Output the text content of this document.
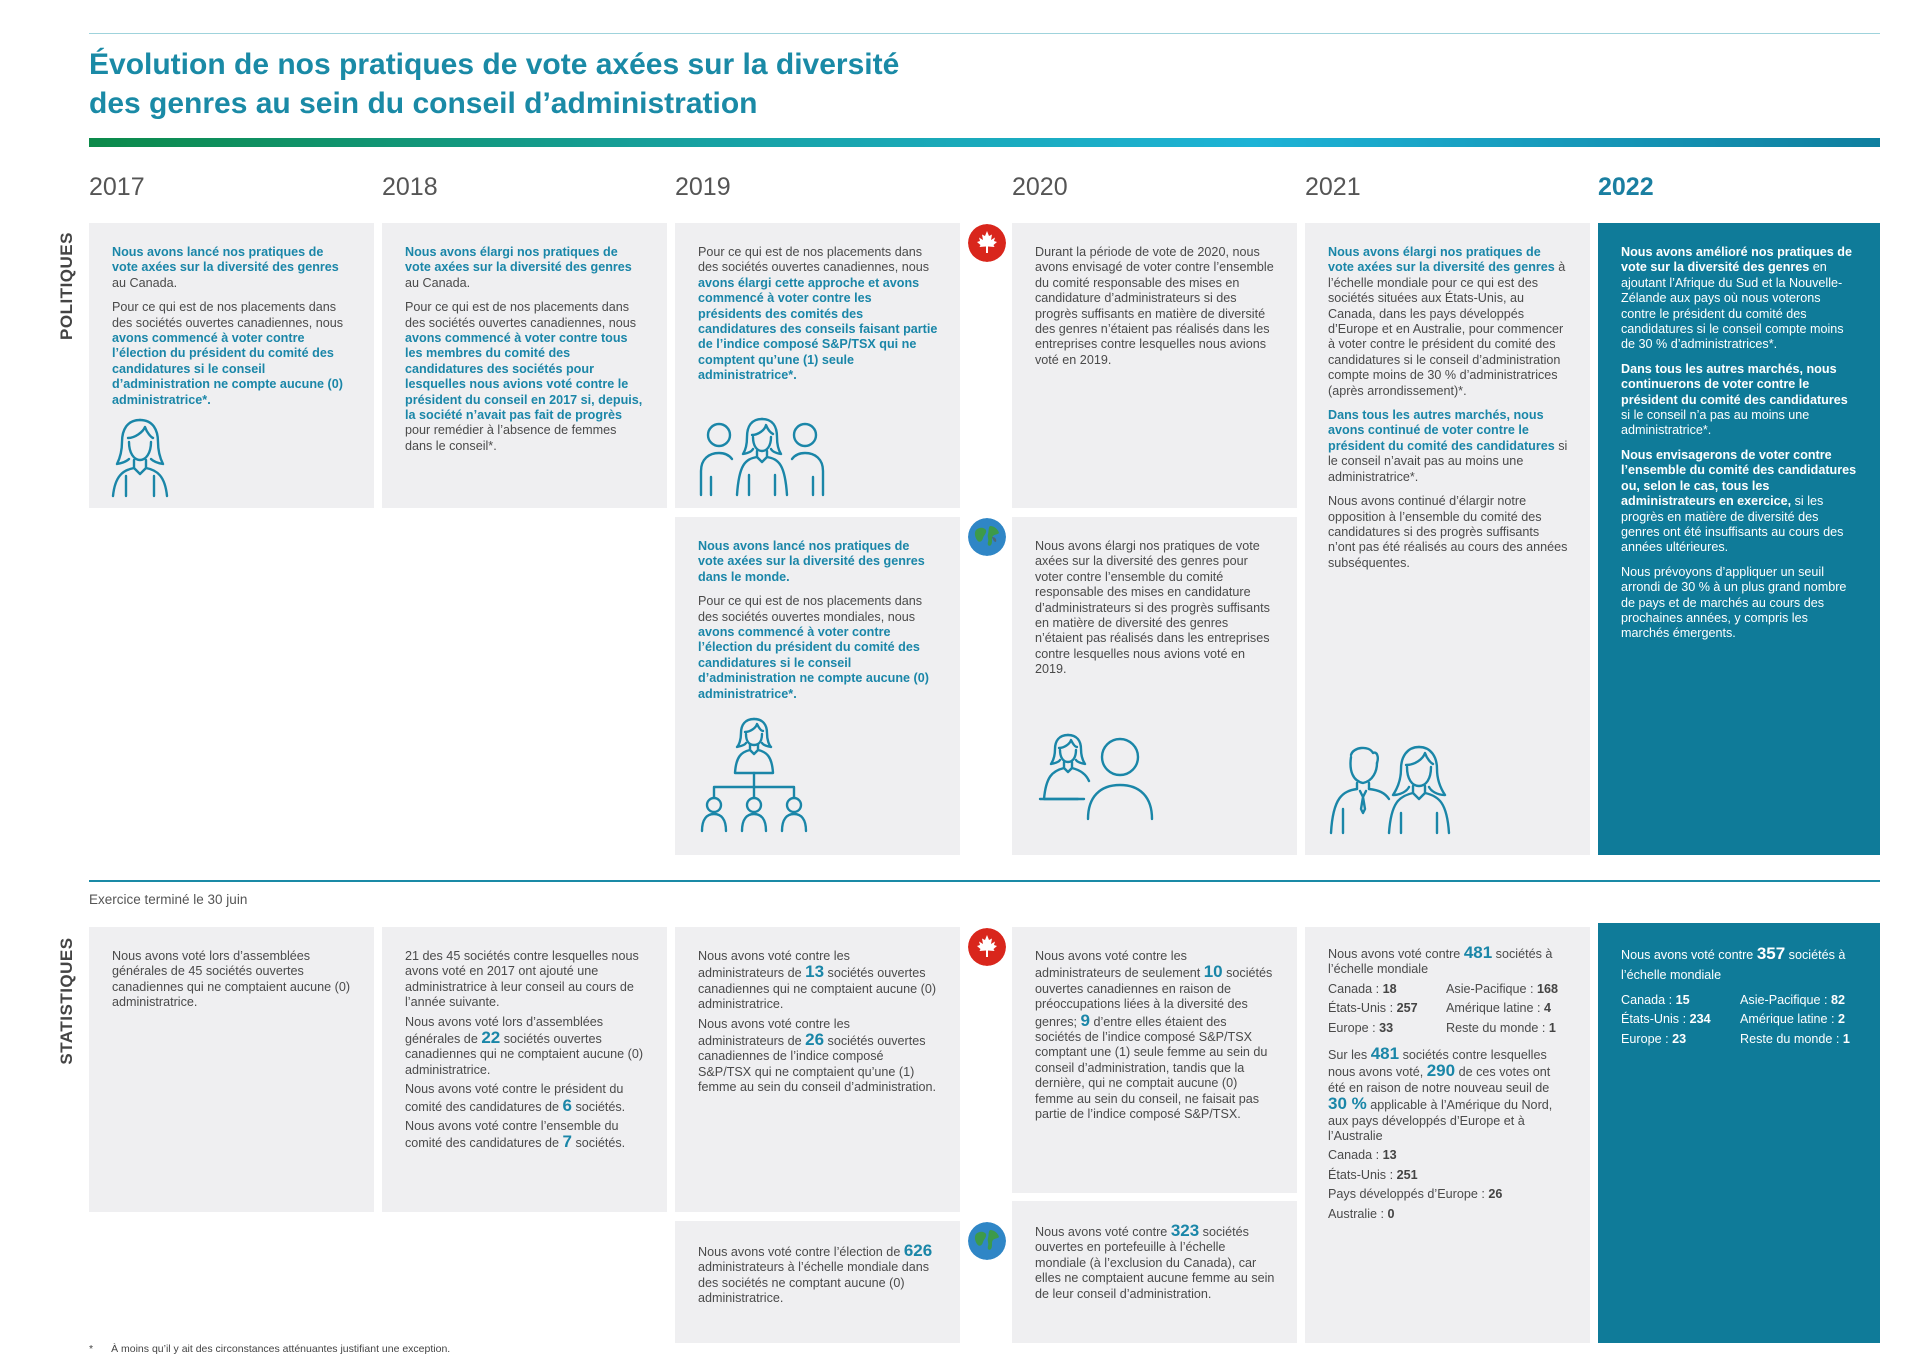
Évolution de nos pratiques de vote axées sur la diversité
des genres au sein du conseil d’administration
2017	2018	2019	2020	2021	2022
POLITIQUES
STATISTIQUES

Nous avons lancé nos pratiques de vote axées sur la diversité des genres au Canada.

Pour ce qui est de nos placements dans des sociétés ouvertes canadiennes, nous avons commencé à voter contre l’élection du président du comité des candidatures si le conseil d’administration ne compte aucune (0) administratrice*.

Nous avons élargi nos pratiques de vote axées sur la diversité des genres au Canada.

Pour ce qui est de nos placements dans des sociétés ouvertes canadiennes, nous avons commencé à voter contre tous les membres du comité des candidatures des sociétés pour lesquelles nous avions voté contre le président du conseil en 2017 si, depuis, la société n’avait pas fait de progrès pour remédier à l’absence de femmes dans le conseil*.

Pour ce qui est de nos placements dans des sociétés ouvertes canadiennes, nous avons élargi cette approche et avons commencé à voter contre les présidents des comités des candidatures des conseils faisant partie de l’indice composé S&P/TSX qui ne comptent qu’une (1) seule administratrice*.

Nous avons lancé nos pratiques de vote axées sur la diversité des genres dans le monde.

Pour ce qui est de nos placements dans des sociétés ouvertes mondiales, nous avons commencé à voter contre l’élection du président du comité des candidatures si le conseil d’administration ne compte aucune (0) administratrice*.

Durant la période de vote de 2020, nous avons envisagé de voter contre l’ensemble du comité responsable des mises en candidature d’administrateurs si des progrès suffisants en matière de diversité des genres n’étaient pas réalisés dans les entreprises contre lesquelles nous avions voté en 2019.

Nous avons élargi nos pratiques de vote axées sur la diversité des genres pour voter contre l’ensemble du comité responsable des mises en candidature d’administrateurs si des progrès suffisants en matière de diversité des genres n’étaient pas réalisés dans les entreprises contre lesquelles nous avions voté en 2019.

Nous avons élargi nos pratiques de vote axées sur la diversité des genres à l’échelle mondiale pour ce qui est des sociétés situées aux États-Unis, au Canada, dans les pays développés d’Europe et en Australie, pour commencer à voter contre le président du comité des candidatures si le conseil d’administration compte moins de 30 % d’administratrices (après arrondissement)*.

Dans tous les autres marchés, nous avons continué de voter contre le président du comité des candidatures si le conseil n’avait pas au moins une administratrice*.

Nous avons continué d’élargir notre opposition à l’ensemble du comité des candidatures si des progrès suffisants n’ont pas été réalisés au cours des années subséquentes.

Nous avons amélioré nos pratiques de vote sur la diversité des genres en ajoutant l’Afrique du Sud et la Nouvelle-Zélande aux pays où nous voterons contre le président du comité des candidatures si le conseil compte moins de 30 % d’administratrices*.

Dans tous les autres marchés, nous continuerons de voter contre le président du comité des candidatures si le conseil n’a pas au moins une administratrice*.

Nous envisagerons de voter contre l’ensemble du comité des candidatures ou, selon le cas, tous les administrateurs en exercice, si les progrès en matière de diversité des genres ont été insuffisants au cours des années ultérieures.

Nous prévoyons d’appliquer un seuil arrondi de 30 % à un plus grand nombre de pays et de marchés au cours des prochaines années, y compris les marchés émergents.

Exercice terminé le 30 juin

Nous avons voté lors d’assemblées générales de 45 sociétés ouvertes canadiennes qui ne comptaient aucune (0) administratrice.

21 des 45 sociétés contre lesquelles nous avons voté en 2017 ont ajouté une administratrice à leur conseil au cours de l’année suivante.

Nous avons voté lors d’assemblées générales de 22 sociétés ouvertes canadiennes qui ne comptaient aucune (0) administratrice.

Nous avons voté contre le président du comité des candidatures de 6 sociétés.

Nous avons voté contre l’ensemble du comité des candidatures de 7 sociétés.

Nous avons voté contre les administrateurs de 13 sociétés ouvertes canadiennes qui ne comptaient aucune (0) administratrice.

Nous avons voté contre les administrateurs de 26 sociétés ouvertes canadiennes de l’indice composé S&P/TSX qui ne comptaient qu’une (1) femme au sein du conseil d’administration.

Nous avons voté contre l’élection de 626 administrateurs à l’échelle mondiale dans des sociétés ne comptant aucune (0) administratrice.

Nous avons voté contre les administrateurs de seulement 10 sociétés ouvertes canadiennes en raison de préoccupations liées à la diversité des genres; 9 d’entre elles étaient des sociétés de l’indice composé S&P/TSX comptant une (1) seule femme au sein du conseil d’administration, tandis que la dernière, qui ne comptait aucune (0) femme au sein du conseil, ne faisait pas partie de l’indice composé S&P/TSX.

Nous avons voté contre 323 sociétés ouvertes en portefeuille à l’échelle mondiale (à l’exclusion du Canada), car elles ne comptaient aucune femme au sein de leur conseil d’administration.

Nous avons voté contre 481 sociétés à l’échelle mondiale

Canada : 18	Asie-Pacifique : 168
États-Unis : 257	Amérique latine : 4
Europe : 33	Reste du monde : 1

Sur les 481 sociétés contre lesquelles nous avons voté, 290 de ces votes ont été en raison de notre nouveau seuil de 30 % applicable à l’Amérique du Nord, aux pays développés d’Europe et à l’Australie

Canada : 13
États-Unis : 251
Pays développés d’Europe : 26
Australie : 0

Nous avons voté contre 357 sociétés à l’échelle mondiale

Canada : 15	Asie-Pacifique : 82
États-Unis : 234	Amérique latine : 2
Europe : 23	Reste du monde : 1
* À moins qu’il y ait des circonstances atténuantes justifiant une exception.
